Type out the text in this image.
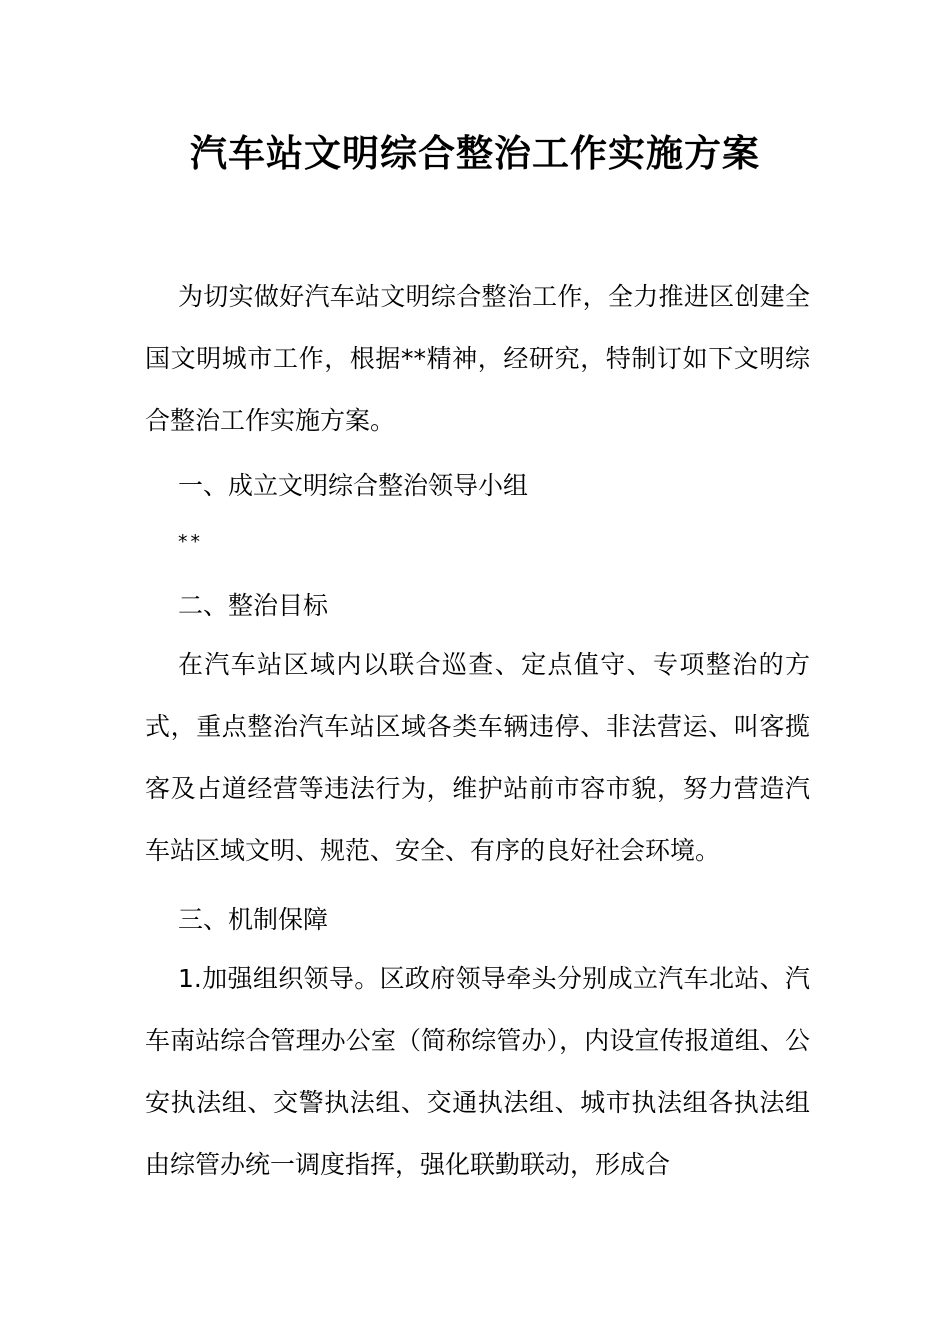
汽车站文明综合整治工作实施方案

为切实做好汽车站文明综合整治工作，全力推进区创建全国文明城市工作，根据**精神，经研究，特制订如下文明综合整治工作实施方案。

一、成立文明综合整治领导小组

**

二、整治目标

在汽车站区域内以联合巡查、定点值守、专项整治的方式，重点整治汽车站区域各类车辆违停、非法营运、叫客揽客及占道经营等违法行为，维护站前市容市貌，努力营造汽车站区域文明、规范、安全、有序的良好社会环境。

三、机制保障

1.加强组织领导。区政府领导牵头分别成立汽车北站、汽车南站综合管理办公室（简称综管办），内设宣传报道组、公安执法组、交警执法组、交通执法组、城市执法组各执法组由综管办统一调度指挥，强化联勤联动，形成合
